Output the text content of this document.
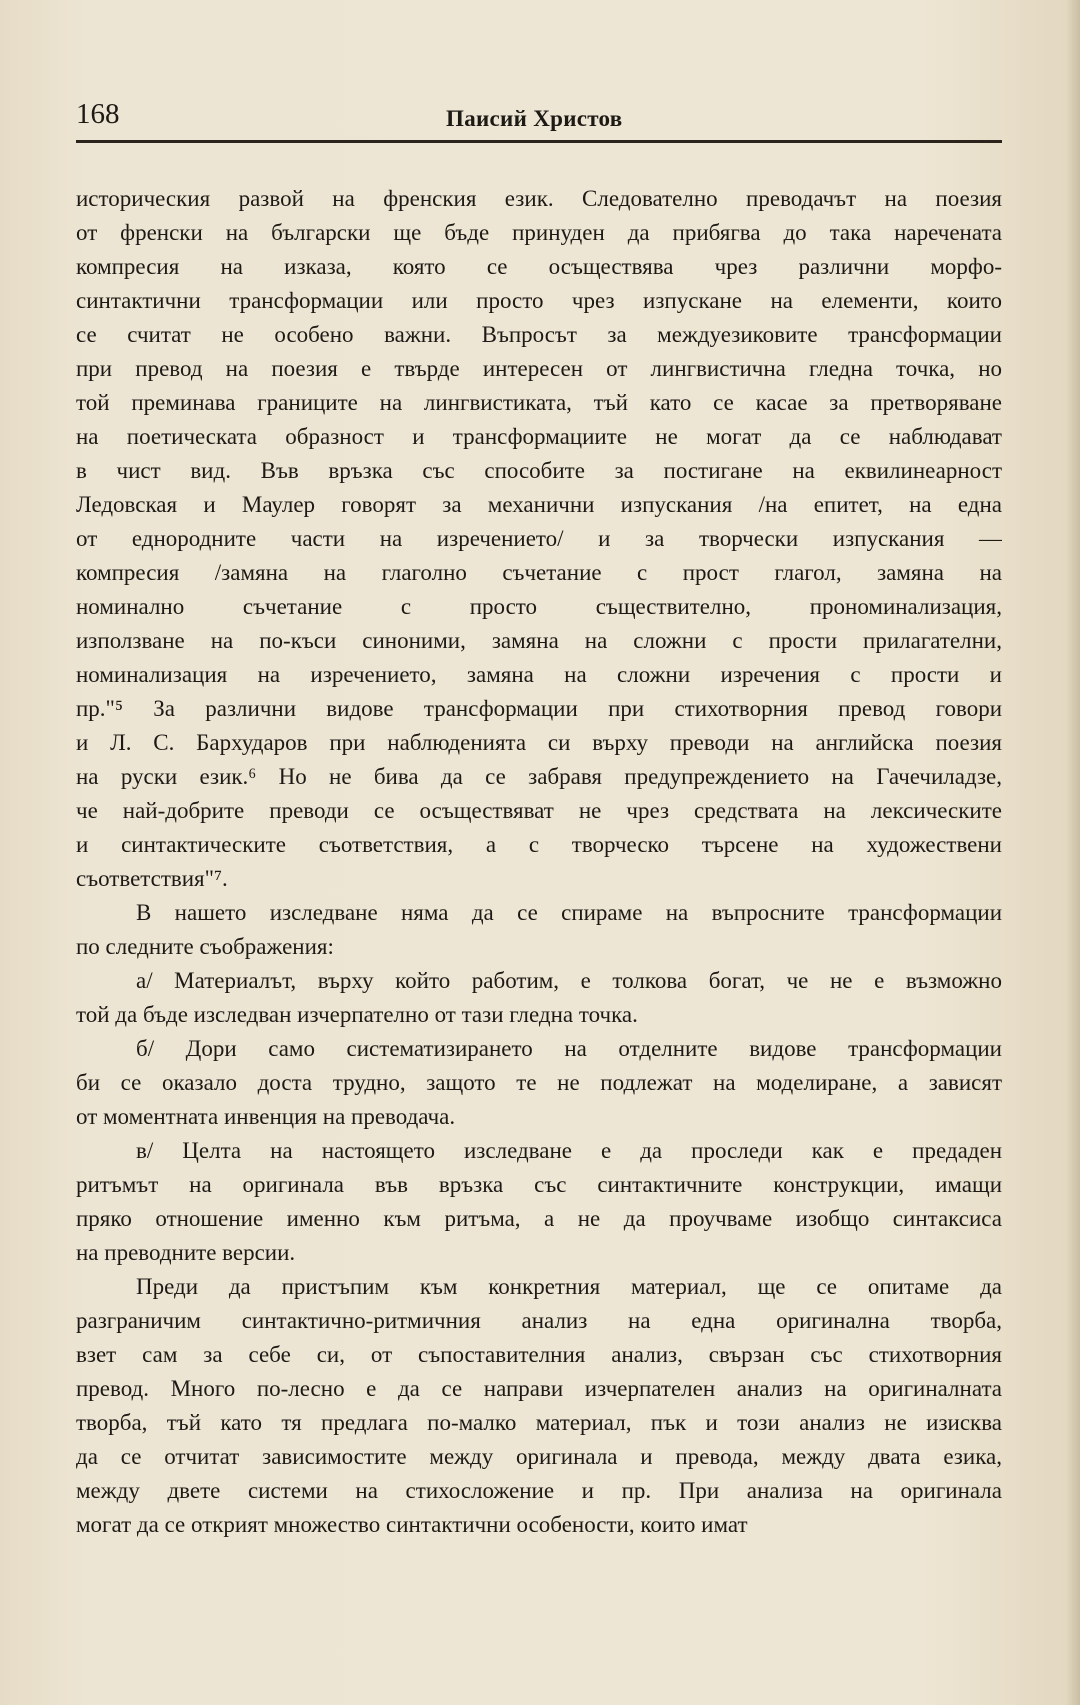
168	Паисий Христов
историческия развой на френския език. Следователно преводачът на поезия
от френски на български ще бъде принуден да прибягва до така наречената
компресия на изказа, която се осъществява чрез различни морфо-
синтактични трансформации или просто чрез изпускане на елементи, които
се считат не особено важни. Въпросът за междуезиковите трансформации
при превод на поезия е твърде интересен от лингвистична гледна точка, но
той преминава границите на лингвистиката, тъй като се касае за претворяване
на поетическата образност и трансформациите не могат да се наблюдават
в чист вид. Във връзка със способите за постигане на еквилинеарност
Ледовская и Маулер говорят за механични изпускания /на епитет, на една
от еднородните части на изречението/ и за творчески изпускания —
компресия /замяна на глаголно съчетание с прост глагол, замяна на
номинално съчетание с просто съществително, прономинализация,
използване на по-къси синоними, замяна на сложни с прости прилагателни,
номинализация на изречението, замяна на сложни изречения с прости и
пр."⁵ За различни видове трансформации при стихотворния превод говори
и Л. С. Бархударов при наблюденията си върху преводи на английска поезия
на руски език.⁶ Но не бива да се забравя предупреждението на Гачечиладзе,
че най-добрите преводи се осъществяват не чрез средствата на лексическите
и синтактическите съответствия, а с творческо търсене на художествени
съответствия"⁷.
В нашето изследване няма да се спираме на въпросните трансформации
по следните съображения:
а/ Материалът, върху който работим, е толкова богат, че не е възможно
той да бъде изследван изчерпателно от тази гледна точка.
б/ Дори само систематизирането на отделните видове трансформации
би се оказало доста трудно, защото те не подлежат на моделиране, а зависят
от моментната инвенция на преводача.
в/ Целта на настоящето изследване е да проследи как е предаден
ритъмът на оригинала във връзка със синтактичните конструкции, имащи
пряко отношение именно към ритъма, а не да проучваме изобщо синтаксиса
на преводните версии.
Преди да пристъпим към конкретния материал, ще се опитаме да
разграничим синтактично-ритмичния анализ на една оригинална творба,
взет сам за себе си, от съпоставителния анализ, свързан със стихотворния
превод. Много по-лесно е да се направи изчерпателен анализ на оригиналната
творба, тъй като тя предлага по-малко материал, пък и този анализ не изисква
да се отчитат зависимостите между оригинала и превода, между двата езика,
между двете системи на стихосложение и пр. При анализа на оригинала
могат да се открият множество синтактични особености, които имат
